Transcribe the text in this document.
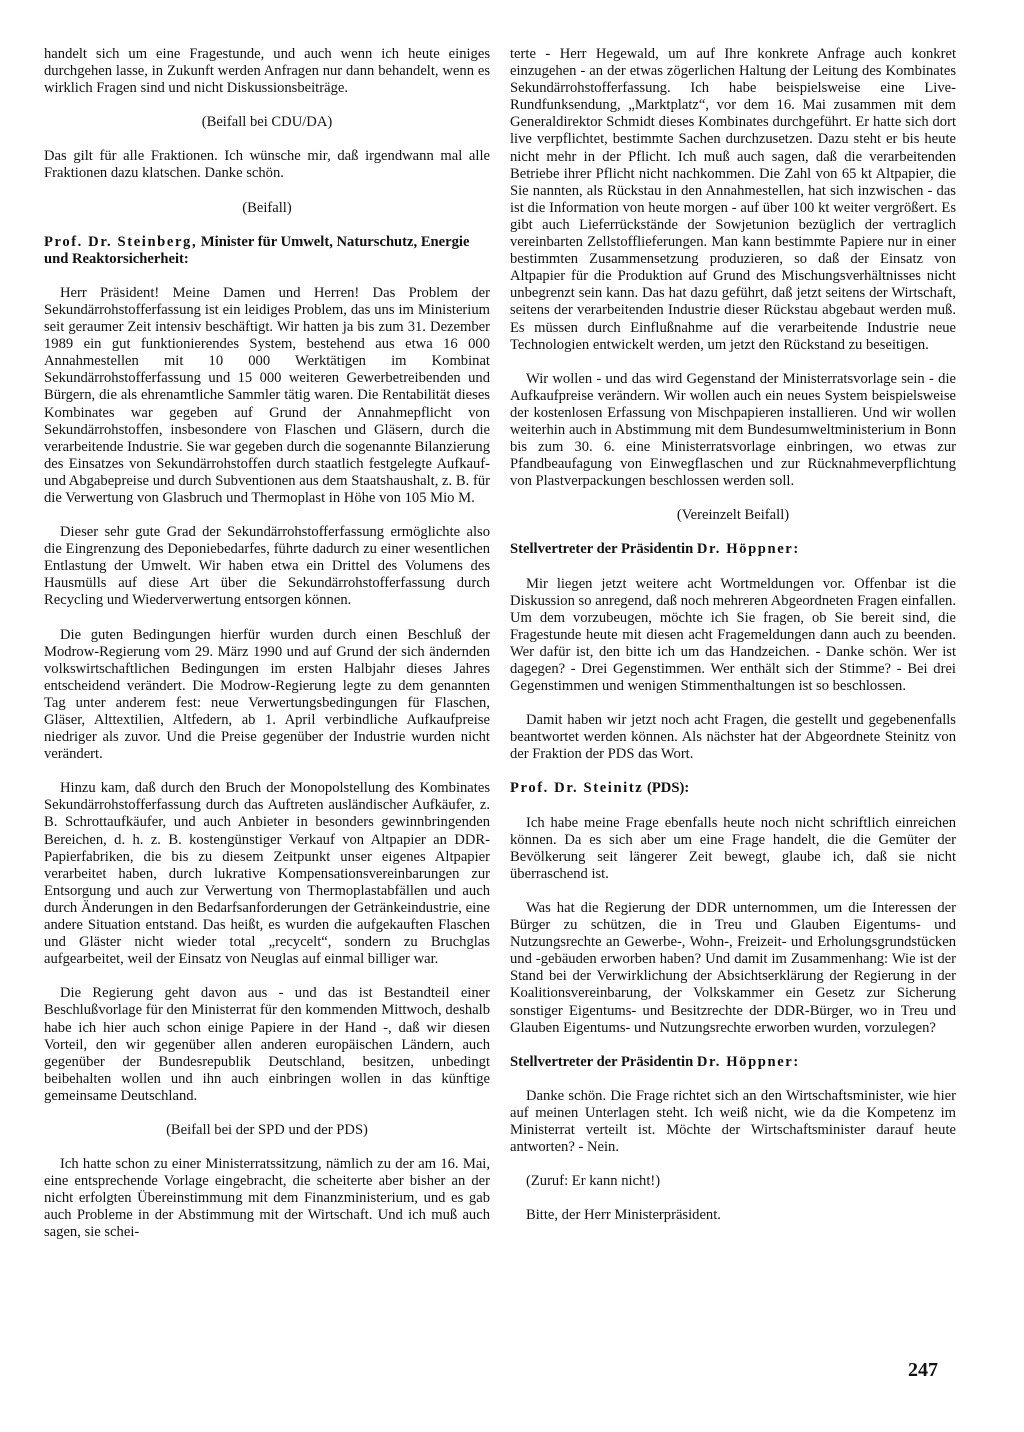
handelt sich um eine Fragestunde, und auch wenn ich heute einiges durchgehen lasse, in Zukunft werden Anfragen nur dann behandelt, wenn es wirklich Fragen sind und nicht Diskussionsbeiträge.

(Beifall bei CDU/DA)

Das gilt für alle Fraktionen. Ich wünsche mir, daß irgendwann mal alle Fraktionen dazu klatschen. Danke schön.

(Beifall)
Prof. Dr. Steinberg, Minister für Umwelt, Naturschutz, Energie und Reaktorsicherheit:

Herr Präsident! Meine Damen und Herren! Das Problem der Sekundärrohstofferfassung ist ein leidiges Problem, das uns im Ministerium seit geraumer Zeit intensiv beschäftigt. Wir hatten ja bis zum 31. Dezember 1989 ein gut funktionierendes System, bestehend aus etwa 16 000 Annahmestellen mit 10 000 Werktätigen im Kombinat Sekundärrohstofferfassung und 15 000 weiteren Gewerbetreibenden und Bürgern, die als ehrenamtliche Sammler tätig waren. Die Rentabilität dieses Kombinates war gegeben auf Grund der Annahmepflicht von Sekundärrohstoffen, insbesondere von Flaschen und Gläsern, durch die verarbeitende Industrie. Sie war gegeben durch die sogenannte Bilanzierung des Einsatzes von Sekundärrohstoffen durch staatlich festgelegte Aufkauf- und Abgabepreise und durch Subventionen aus dem Staatshaushalt, z. B. für die Verwertung von Glasbruch und Thermoplast in Höhe von 105 Mio M.

Dieser sehr gute Grad der Sekundärrohstofferfassung ermöglichte also die Eingrenzung des Deponiebedarfes, führte dadurch zu einer wesentlichen Entlastung der Umwelt. Wir haben etwa ein Drittel des Volumens des Hausmülls auf diese Art über die Sekundärrohstofferfassung durch Recycling und Wiederverwertung entsorgen können.

Die guten Bedingungen hierfür wurden durch einen Beschluß der Modrow-Regierung vom 29. März 1990 und auf Grund der sich ändernden volkswirtschaftlichen Bedingungen im ersten Halbjahr dieses Jahres entscheidend verändert. Die Modrow-Regierung legte zu dem genannten Tag unter anderem fest: neue Verwertungsbedingungen für Flaschen, Gläser, Alttextilien, Altfedern, ab 1. April verbindliche Aufkaufpreise niedriger als zuvor. Und die Preise gegenüber der Industrie wurden nicht verändert.

Hinzu kam, daß durch den Bruch der Monopolstellung des Kombinates Sekundärrohstofferfassung durch das Auftreten ausländischer Aufkäufer, z. B. Schrottaufkäufer, und auch Anbieter in besonders gewinnbringenden Bereichen, d. h. z. B. kostengünstiger Verkauf von Altpapier an DDR-Papierfabriken, die bis zu diesem Zeitpunkt unser eigenes Altpapier verarbeitet haben, durch lukrative Kompensationsvereinbarungen zur Entsorgung und auch zur Verwertung von Thermoplastabfällen und auch durch Änderungen in den Bedarfsanforderungen der Getränkeindustrie, eine andere Situation entstand. Das heißt, es wurden die aufgekauften Flaschen und Gläster nicht wieder total „recycelt“, sondern zu Bruchglas aufgearbeitet, weil der Einsatz von Neuglas auf einmal billiger war.

Die Regierung geht davon aus - und das ist Bestandteil einer Beschlußvorlage für den Ministerrat für den kommenden Mittwoch, deshalb habe ich hier auch schon einige Papiere in der Hand -, daß wir diesen Vorteil, den wir gegenüber allen anderen europäischen Ländern, auch gegenüber der Bundesrepublik Deutschland, besitzen, unbedingt beibehalten wollen und ihn auch einbringen wollen in das künftige gemeinsame Deutschland.

(Beifall bei der SPD und der PDS)

Ich hatte schon zu einer Ministerratssitzung, nämlich zu der am 16. Mai, eine entsprechende Vorlage eingebracht, die scheiterte aber bisher an der nicht erfolgten Übereinstimmung mit dem Finanzministerium, und es gab auch Probleme in der Abstimmung mit der Wirtschaft. Und ich muß auch sagen, sie schei-

terte - Herr Hegewald, um auf Ihre konkrete Anfrage auch konkret einzugehen - an der etwas zögerlichen Haltung der Leitung des Kombinates Sekundärrohstofferfassung. Ich habe beispielsweise eine Live-Rundfunksendung, „Marktplatz“, vor dem 16. Mai zusammen mit dem Generaldirektor Schmidt dieses Kombinates durchgeführt. Er hatte sich dort live verpflichtet, bestimmte Sachen durchzusetzen. Dazu steht er bis heute nicht mehr in der Pflicht. Ich muß auch sagen, daß die verarbeitenden Betriebe ihrer Pflicht nicht nachkommen. Die Zahl von 65 kt Altpapier, die Sie nannten, als Rückstau in den Annahmestellen, hat sich inzwischen - das ist die Information von heute morgen - auf über 100 kt weiter vergrößert. Es gibt auch Lieferrückstände der Sowjetunion bezüglich der vertraglich vereinbarten Zellstofflieferungen. Man kann bestimmte Papiere nur in einer bestimmten Zusammensetzung produzieren, so daß der Einsatz von Altpapier für die Produktion auf Grund des Mischungsverhältnisses nicht unbegrenzt sein kann. Das hat dazu geführt, daß jetzt seitens der Wirtschaft, seitens der verarbeitenden Industrie dieser Rückstau abgebaut werden muß. Es müssen durch Einflußnahme auf die verarbeitende Industrie neue Technologien entwickelt werden, um jetzt den Rückstand zu beseitigen.

Wir wollen - und das wird Gegenstand der Ministerratsvorlage sein - die Aufkaufpreise verändern. Wir wollen auch ein neues System beispielsweise der kostenlosen Erfassung von Mischpapieren installieren. Und wir wollen weiterhin auch in Abstimmung mit dem Bundesumweltministerium in Bonn bis zum 30. 6. eine Ministerratsvorlage einbringen, wo etwas zur Pfandbeaufagung von Einwegflaschen und zur Rücknahmeverpflichtung von Plastverpackungen beschlossen werden soll.

(Vereinzelt Beifall)
Stellvertreter der Präsidentin Dr. Höppner:

Mir liegen jetzt weitere acht Wortmeldungen vor. Offenbar ist die Diskussion so anregend, daß noch mehreren Abgeordneten Fragen einfallen. Um dem vorzubeugen, möchte ich Sie fragen, ob Sie bereit sind, die Fragestunde heute mit diesen acht Fragemeldungen dann auch zu beenden. Wer dafür ist, den bitte ich um das Handzeichen. - Danke schön. Wer ist dagegen? - Drei Gegenstimmen. Wer enthält sich der Stimme? - Bei drei Gegenstimmen und wenigen Stimmenthaltungen ist so beschlossen.

Damit haben wir jetzt noch acht Fragen, die gestellt und gegebenenfalls beantwortet werden können. Als nächster hat der Abgeordnete Steinitz von der Fraktion der PDS das Wort.

Prof. Dr. Steinitz (PDS):

Ich habe meine Frage ebenfalls heute noch nicht schriftlich einreichen können. Da es sich aber um eine Frage handelt, die die Gemüter der Bevölkerung seit längerer Zeit bewegt, glaube ich, daß sie nicht überraschend ist.

Was hat die Regierung der DDR unternommen, um die Interessen der Bürger zu schützen, die in Treu und Glauben Eigentums- und Nutzungsrechte an Gewerbe-, Wohn-, Freizeit- und Erholungsgrundstücken und -gebäuden erworben haben? Und damit im Zusammenhang: Wie ist der Stand bei der Verwirklichung der Absichtserklärung der Regierung in der Koalitionsvereinbarung, der Volkskammer ein Gesetz zur Sicherung sonstiger Eigentums- und Besitzrechte der DDR-Bürger, wo in Treu und Glauben Eigentums- und Nutzungsrechte erworben wurden, vorzulegen?

Stellvertreter der Präsidentin Dr. Höppner:

Danke schön. Die Frage richtet sich an den Wirtschaftsminister, wie hier auf meinen Unterlagen steht. Ich weiß nicht, wie da die Kompetenz im Ministerrat verteilt ist. Möchte der Wirtschaftsminister darauf heute antworten? - Nein.

(Zuruf: Er kann nicht!)

Bitte, der Herr Ministerpräsident.

247
